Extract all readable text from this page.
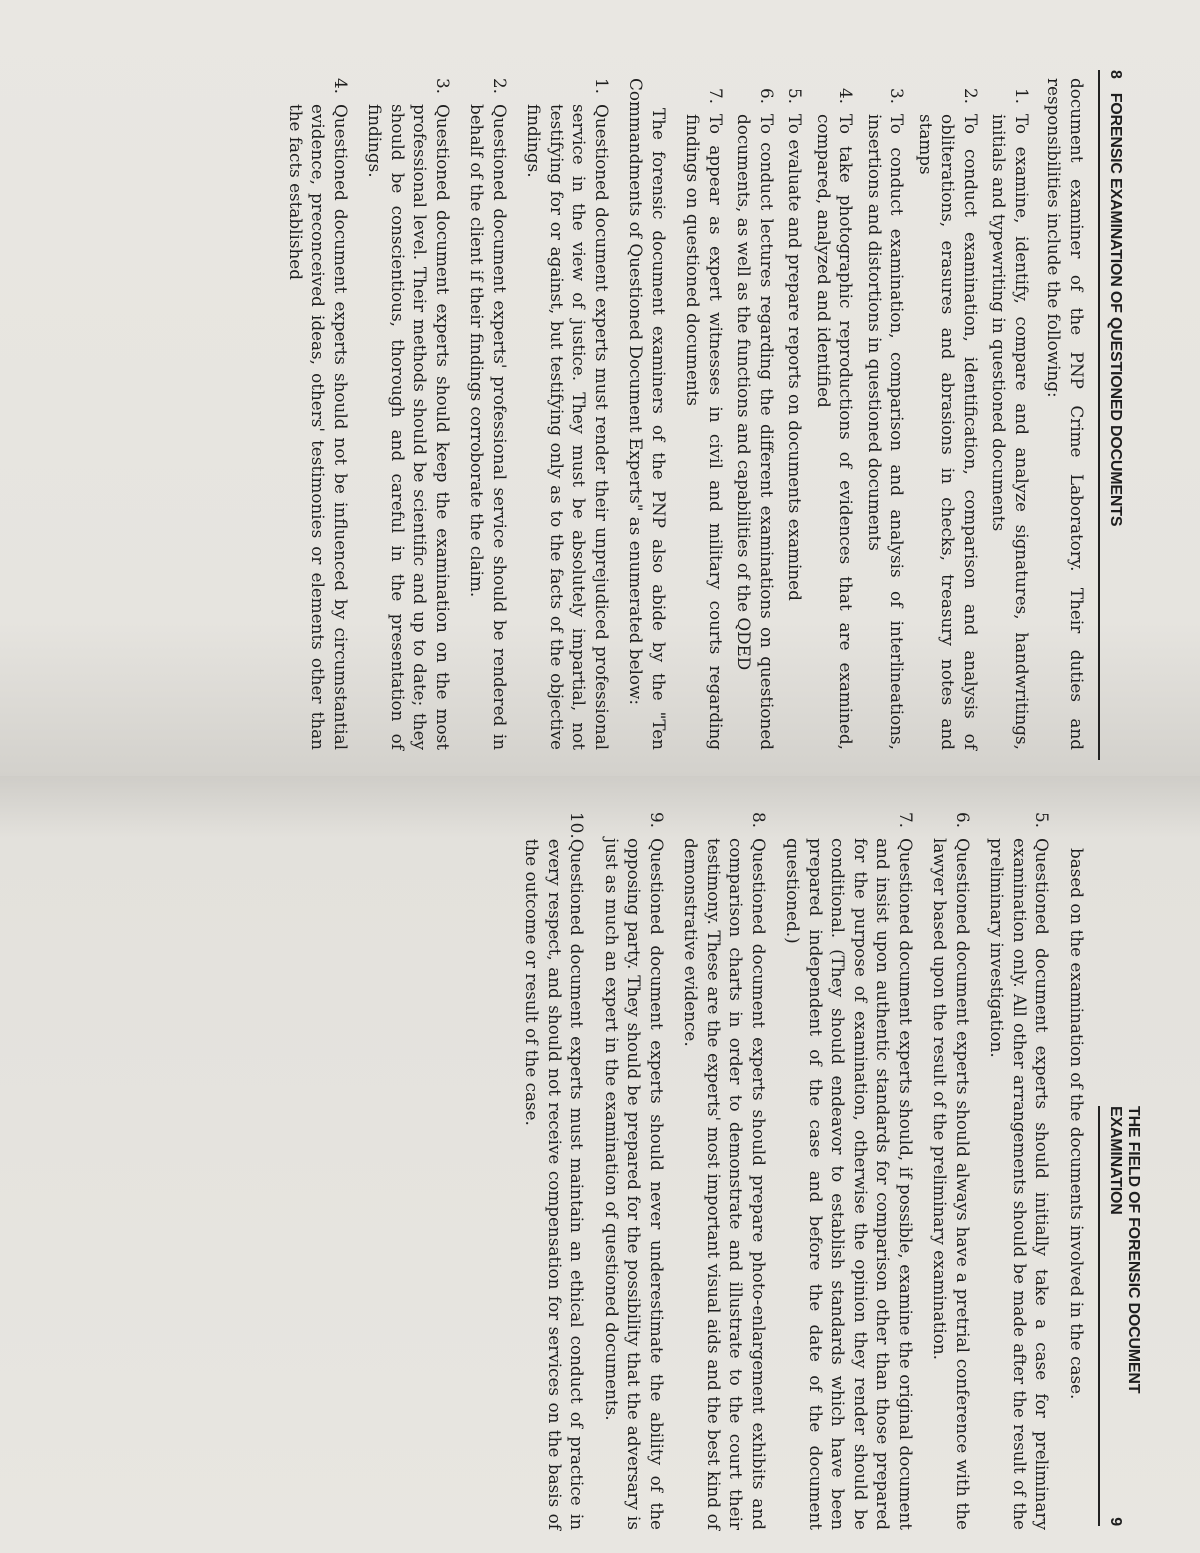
8
FORENSIC EXAMINATION OF QUESTIONED DOCUMENTS

document examiner of the PNP Crime Laboratory. Their duties and responsibilities include the following:

1.
To examine, identify, compare and analyze signatures, handwritings, initials and typewriting in questioned documents
2.
To conduct examination, identification, comparison and analysis of obliterations, erasures and abrasions in checks, treasury notes and stamps
3.
To conduct examination, comparison and analysis of interlineations, insertions and distortions in questioned documents
4.
To take photographic reproductions of evidences that are examined, compared, analyzed and identified
5.
To evaluate and prepare reports on documents examined
6.
To conduct lectures regarding the different examinations on questioned documents, as well as the functions and capabilities of the QDED
7.
To appear as expert witnesses in civil and military courts regarding findings on questioned documents

The forensic document examiners of the PNP also abide by the "Ten Commandments of Questioned Document Experts" as enumerated below:

1.
Questioned document experts must render their unprejudiced professional service in the view of justice. They must be absolutely impartial, not testifying for or against, but testifying only as to the facts of the objective findings.
2.
Questioned document experts' professional service should be rendered in behalf of the client if their findings corroborate the claim.
3.
Questioned document experts should keep the examination on the most professional level. Their methods should be scientific and up to date; they should be conscientious, thorough and careful in the presentation of findings.
4.
Questioned document experts should not be influenced by circumstantial evidence, preconceived ideas, others' testimonies or elements other than the facts established
THE FIELD OF FORENSIC DOCUMENT EXAMINATION
9

based on the examination of the documents involved in the case.

5.
Questioned document experts should initially take a case for preliminary examination only. All other arrangements should be made after the result of the preliminary investigation.
6.
Questioned document experts should always have a pretrial conference with the lawyer based upon the result of the preliminary examination.
7.
Questioned document experts should, if possible, examine the original document and insist upon authentic standards for comparison other than those prepared for the purpose of examination, otherwise the opinion they render should be conditional. (They should endeavor to establish standards which have been prepared independent of the case and before the date of the document questioned.)
8.
Questioned document experts should prepare photo-enlargement exhibits and comparison charts in order to demonstrate and illustrate to the court their testimony. These are the experts' most important visual aids and the best kind of demonstrative evidence.
9.
Questioned document experts should never underestimate the ability of the opposing party. They should be prepared for the possibility that the adversary is just as much an expert in the examination of questioned documents.
10.
Questioned document experts must maintain an ethical conduct of practice in every respect, and should not receive compensation for services on the basis of the outcome or result of the case.
